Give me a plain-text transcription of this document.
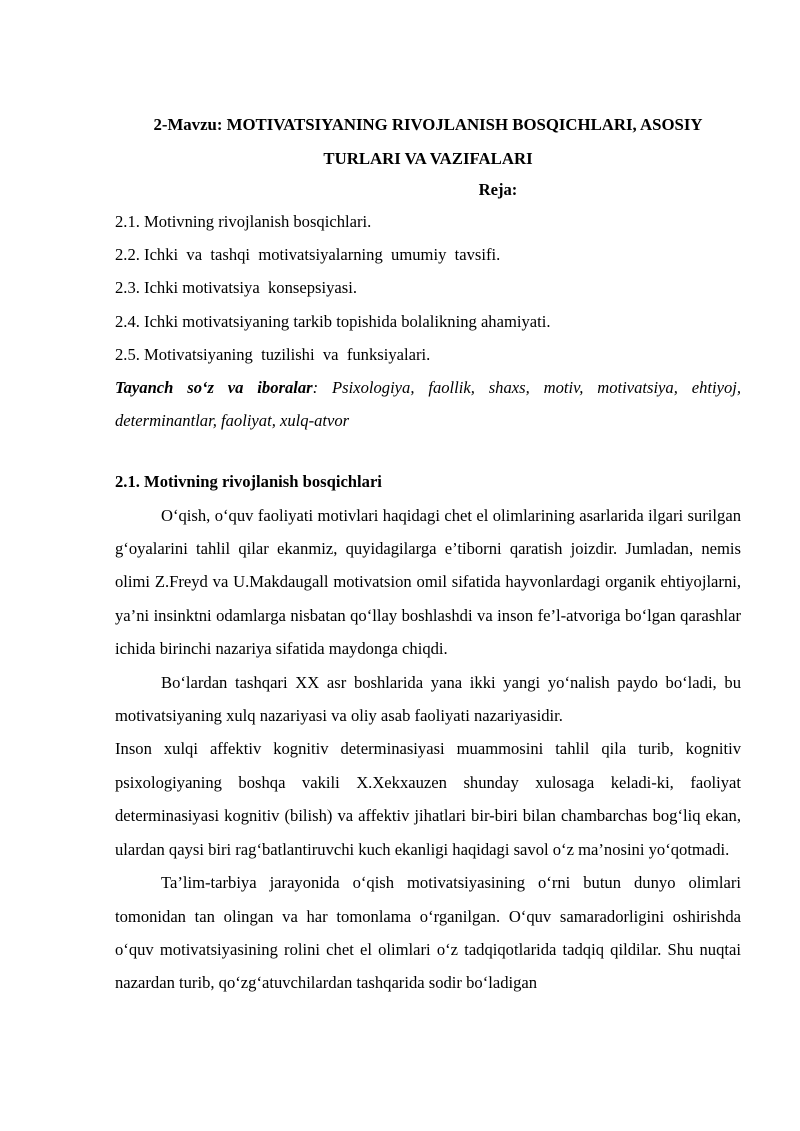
2-Mavzu: MOTIVATSIYANING RIVOJLANISH BOSQICHLARI, ASOSIY TURLARI VA VAZIFALARI

Reja:

2.1. Motivning rivojlanish bosqichlari.
2.2. Ichki  va  tashqi  motivatsiyalarning  umumiy  tavsifi.
2.3. Ichki motivatsiya  konsepsiyasi.
2.4. Ichki motivatsiyaning tarkib topishida bolalikning ahamiyati.
2.5. Motivatsiyaning  tuzilishi  va  funksiyalari.

Tayanch so‘z va iboralar: Psixologiya, faollik, shaxs, motiv, motivatsiya, ehtiyoj, determinantlar, faoliyat, xulq-atvor

2.1. Motivning rivojlanish bosqichlari

O‘qish, o‘quv faoliyati motivlari haqidagi chet el olimlarining asarlarida ilgari surilgan g‘oyalarini tahlil qilar ekanmiz, quyidagilarga e’tiborni qaratish joizdir. Jumladan, nemis olimi Z.Freyd va U.Makdaugall motivatsion omil sifatida hayvonlardagi organik ehtiyojlarni, ya’ni insinktni odamlarga nisbatan qo‘llay boshlashdi va inson fe’l-atvoriga bo‘lgan qarashlar ichida birinchi nazariya sifatida maydonga chiqdi.

Bo‘lardan tashqari XX asr boshlarida yana ikki yangi yo‘nalish paydo bo‘ladi, bu motivatsiyaning xulq nazariyasi va oliy asab faoliyati nazariyasidir.

Inson xulqi affektiv kognitiv determinasiyasi muammosini tahlil qila turib, kognitiv psixologiyaning boshqa vakili X.Xekxauzen shunday xulosaga keladi-ki, faoliyat determinasiyasi kognitiv (bilish) va affektiv jihatlari bir-biri bilan chambarchas bog‘liq ekan, ulardan qaysi biri rag‘batlantiruvchi kuch ekanligi haqidagi savol o‘z ma’nosini yo‘qotmadi.

Ta’lim-tarbiya jarayonida o‘qish motivatsiyasining o‘rni butun dunyo olimlari tomonidan tan olingan va har tomonlama o‘rganilgan. O‘quv samaradorligini oshirishda o‘quv motivatsiyasining rolini chet el olimlari o‘z tadqiqotlarida tadqiq qildilar. Shu nuqtai nazardan turib, qo‘zg‘atuvchilardan tashqarida sodir bo‘ladigan
